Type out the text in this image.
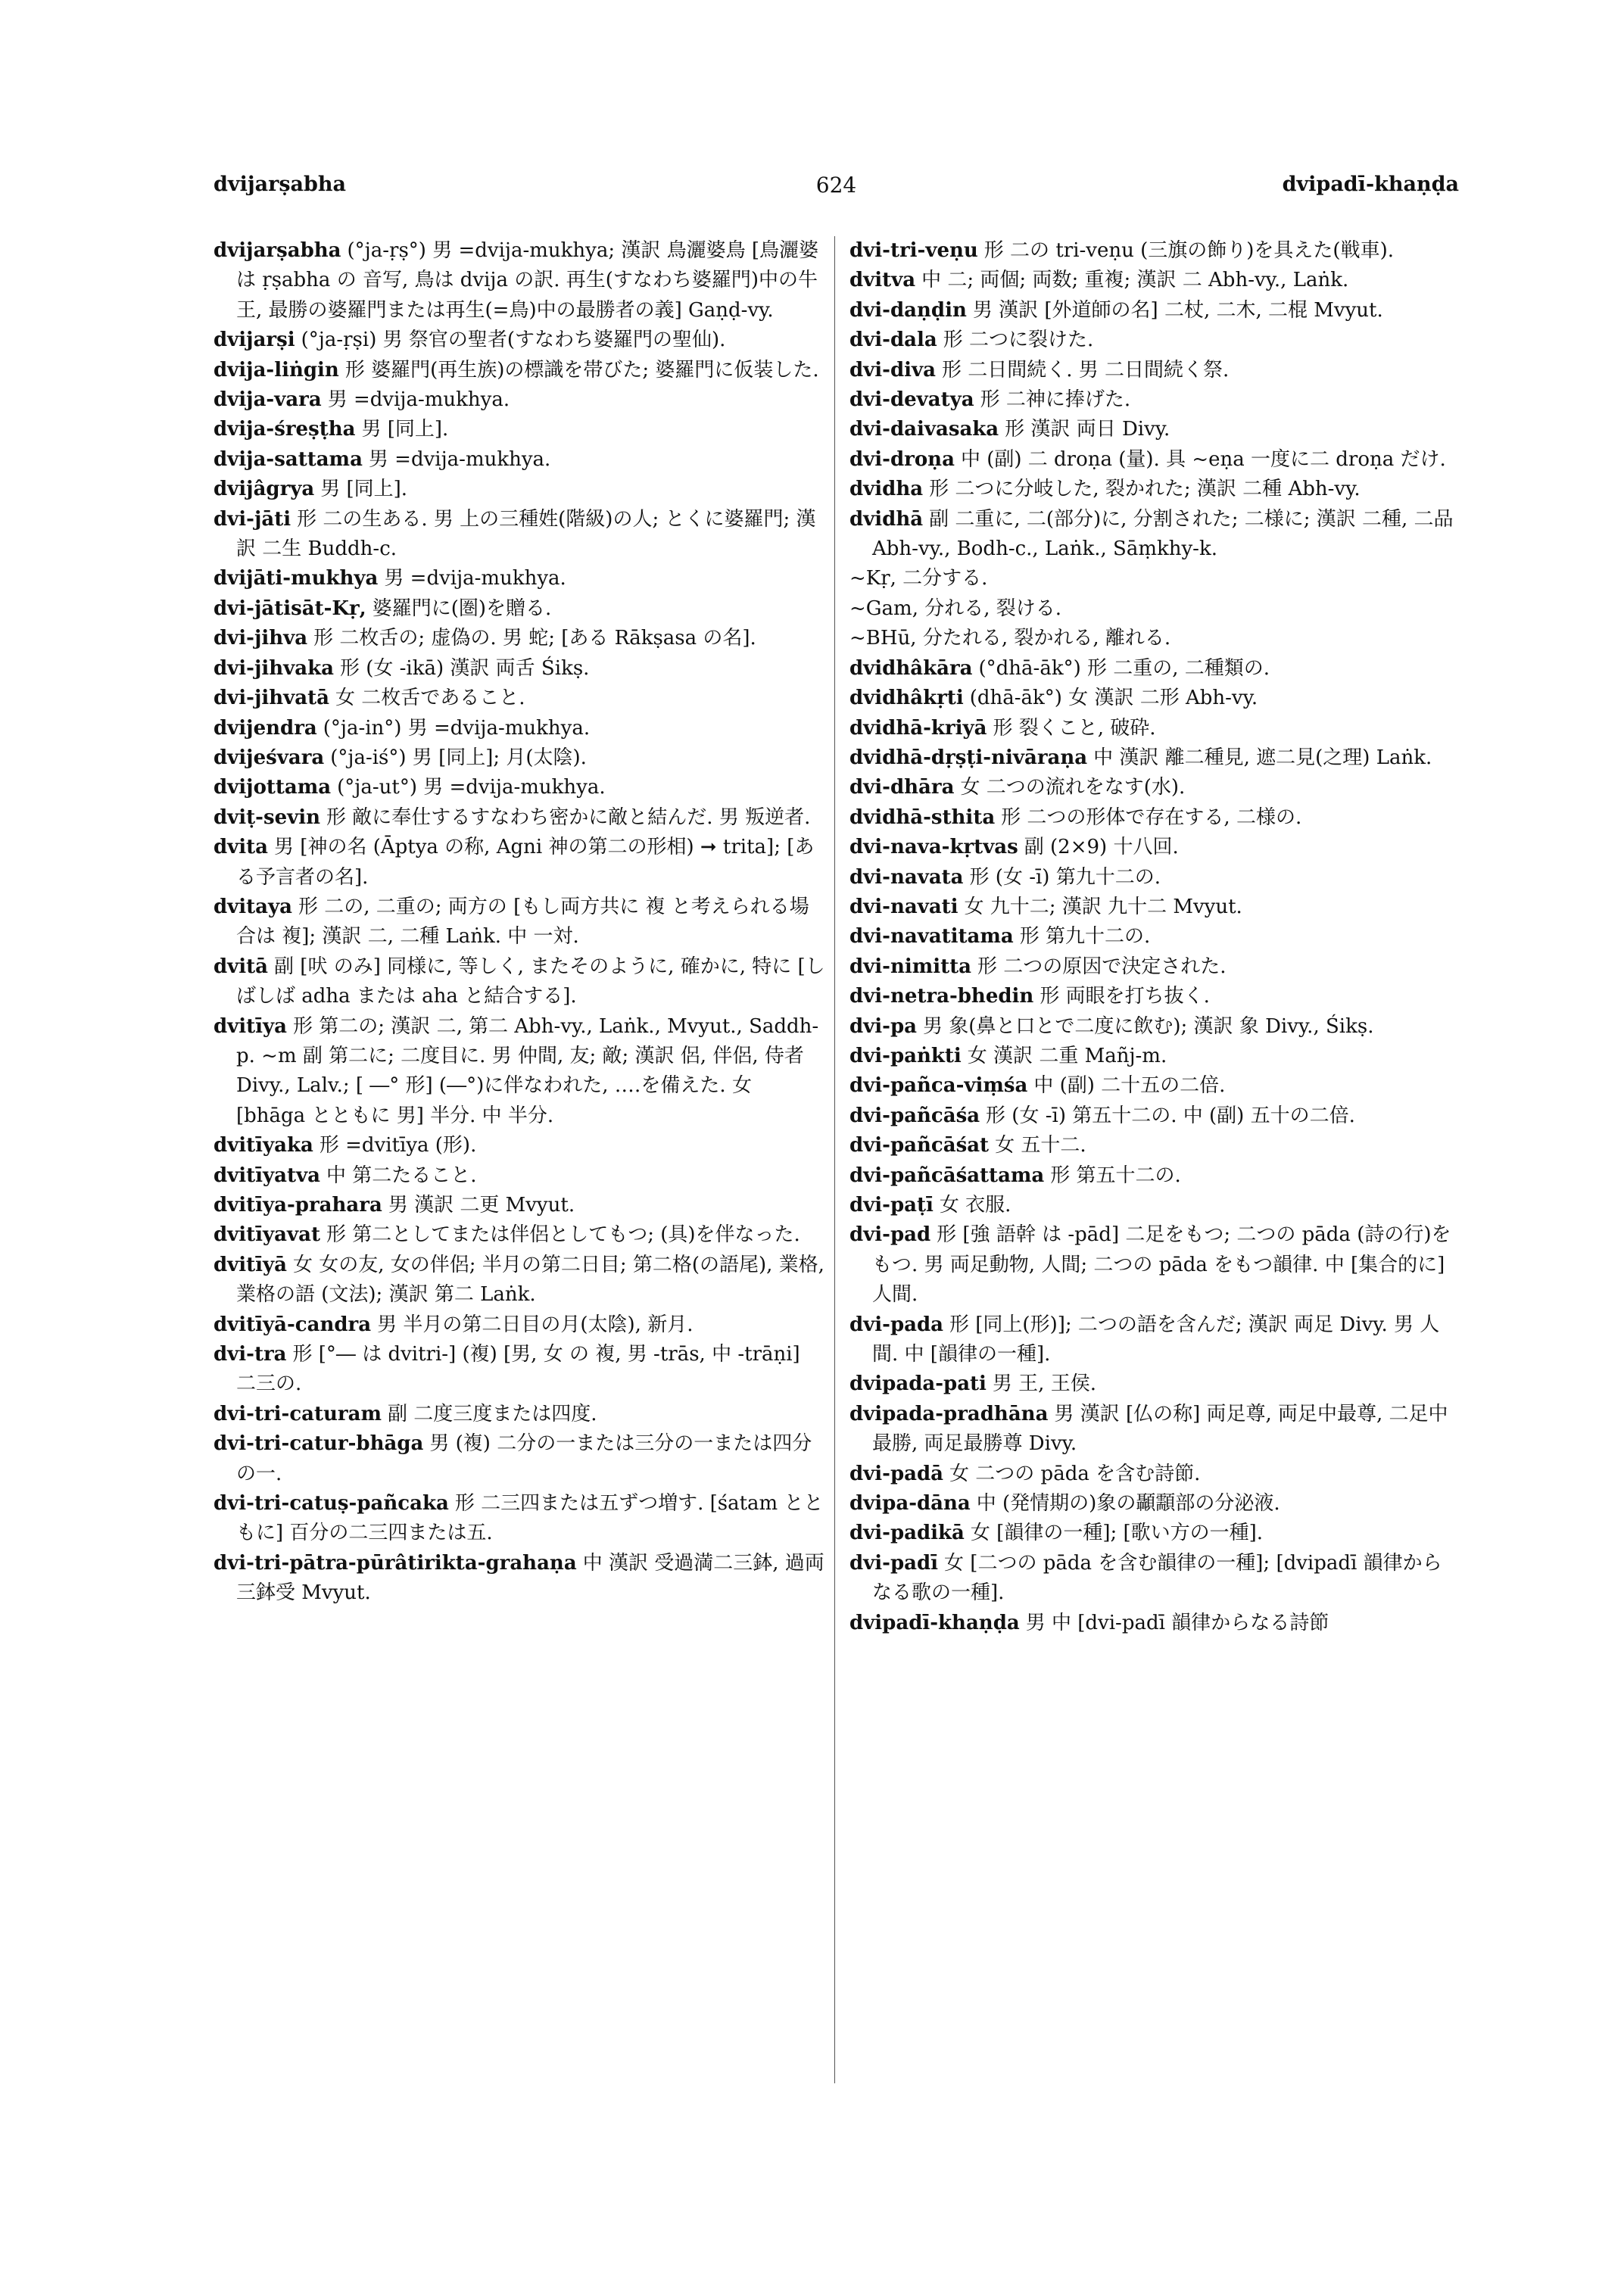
dvijarṣabha	624	dvipadī-khaṇḍa

dvijarṣabha (°ja-ṛṣ°) 男 =dvija-mukhya; 漢訳 鳥灑婆鳥 [鳥灑婆は ṛṣabha の 音写, 鳥は dvija の訳. 再生(すなわち婆羅門)中の牛王, 最勝の婆羅門または再生(=鳥)中の最勝者の義] Gaṇḍ-vy.

dvijarṣi (°ja-ṛṣi) 男 祭官の聖者(すなわち婆羅門の聖仙).

dvija-liṅgin 形 婆羅門(再生族)の標識を帯びた; 婆羅門に仮装した.

dvija-vara 男 =dvija-mukhya.

dvija-śreṣṭha 男 [同上].

dvija-sattama 男 =dvija-mukhya.

dvijâgrya 男 [同上].

dvi-jāti 形 二の生ある. 男 上の三種姓(階級)の人; とくに婆羅門; 漢訳 二生 Buddh-c.

dvijāti-mukhya 男 =dvija-mukhya.

dvi-jātisāt-Kṛ, 婆羅門に(圏)を贈る.

dvi-jihva 形 二枚舌の; 虚偽の. 男 蛇; [ある Rākṣasa の名].

dvi-jihvaka 形 (女 -ikā) 漢訳 両舌 Śikṣ.

dvi-jihvatā 女 二枚舌であること.

dvijendra (°ja-in°) 男 =dvija-mukhya.

dvijeśvara (°ja-iś°) 男 [同上]; 月(太陰).

dvijottama (°ja-ut°) 男 =dvija-mukhya.

dviṭ-sevin 形 敵に奉仕するすなわち密かに敵と結んだ. 男 叛逆者.

dvita 男 [神の名 (Āptya の称, Agni 神の第二の形相) ➞ trita]; [ある予言者の名].

dvitaya 形 二の, 二重の; 両方の [もし両方共に 複 と考えられる場合は 複]; 漢訳 二, 二種 Laṅk. 中 一対.

dvitā 副 [吠 のみ] 同様に, 等しく, またそのように, 確かに, 特に [しばしば adha または aha と結合する].

dvitīya 形 第二の; 漢訳 二, 第二 Abh-vy., Laṅk., Mvyut., Saddh-p. ~m 副 第二に; 二度目に. 男 仲間, 友; 敵; 漢訳 侶, 伴侶, 侍者 Divy., Lalv.; [ ―° 形] (―°)に伴なわれた, ‥‥を備えた. 女 [bhāga とともに 男] 半分. 中 半分.

dvitīyaka 形 =dvitīya (形).

dvitīyatva 中 第二たること.

dvitīya-prahara 男 漢訳 二更 Mvyut.

dvitīyavat 形 第二としてまたは伴侶としてもつ; (具)を伴なった.

dvitīyā 女 女の友, 女の伴侶; 半月の第二日目; 第二格(の語尾), 業格, 業格の語 (文法); 漢訳 第二 Laṅk.

dvitīyā-candra 男 半月の第二日目の月(太陰), 新月.

dvi-tra 形 [°― は dvitri-] (複) [男, 女 の 複, 男 -trās, 中 -trāṇi] 二三の.

dvi-tri-caturam 副 二度三度または四度.

dvi-tri-catur-bhāga 男 (複) 二分の一または三分の一または四分の一.

dvi-tri-catuṣ-pañcaka 形 二三四または五ずつ増す. [śatam とともに] 百分の二三四または五.

dvi-tri-pātra-pūrâtirikta-grahaṇa 中 漢訳 受過満二三鉢, 過両三鉢受 Mvyut.

dvi-tri-veṇu 形 二の tri-veṇu (三旗の飾り)を具えた(戦車).

dvitva 中 二; 両個; 両数; 重複; 漢訳 二 Abh-vy., Laṅk.

dvi-daṇḍin 男 漢訳 [外道師の名] 二杖, 二木, 二棍 Mvyut.

dvi-dala 形 二つに裂けた.

dvi-diva 形 二日間続く. 男 二日間続く祭.

dvi-devatya 形 二神に捧げた.

dvi-daivasaka 形 漢訳 両日 Divy.

dvi-droṇa 中 (副) 二 droṇa (量). 具 ~eṇa 一度に二 droṇa だけ.

dvidha 形 二つに分岐した, 裂かれた; 漢訳 二種 Abh-vy.

dvidhā 副 二重に, 二(部分)に, 分割された; 二様に; 漢訳 二種, 二品 Abh-vy., Bodh-c., Laṅk., Sāṃkhy-k.

~Kṛ, 二分する.

~Gam, 分れる, 裂ける.

~BHū, 分たれる, 裂かれる, 離れる.

dvidhâkāra (°dhā-āk°) 形 二重の, 二種類の.

dvidhâkṛti (dhā-āk°) 女 漢訳 二形 Abh-vy.

dvidhā-kriyā 形 裂くこと, 破砕.

dvidhā-dṛṣṭi-nivāraṇa 中 漢訳 離二種見, 遮二見(之理) Laṅk.

dvi-dhāra 女 二つの流れをなす(水).

dvidhā-sthita 形 二つの形体で存在する, 二様の.

dvi-nava-kṛtvas 副 (2×9) 十八回.

dvi-navata 形 (女 -ī) 第九十二の.

dvi-navati 女 九十二; 漢訳 九十二 Mvyut.

dvi-navatitama 形 第九十二の.

dvi-nimitta 形 二つの原因で決定された.

dvi-netra-bhedin 形 両眼を打ち抜く.

dvi-pa 男 象(鼻と口とで二度に飲む); 漢訳 象 Divy., Śikṣ.

dvi-paṅkti 女 漢訳 二重 Mañj-m.

dvi-pañca-viṃśa 中 (副) 二十五の二倍.

dvi-pañcāśa 形 (女 -ī) 第五十二の. 中 (副) 五十の二倍.

dvi-pañcāśat 女 五十二.

dvi-pañcāśattama 形 第五十二の.

dvi-paṭī 女 衣服.

dvi-pad 形 [強 語幹 は -pād] 二足をもつ; 二つの pāda (詩の行)をもつ. 男 両足動物, 人間; 二つの pāda をもつ韻律. 中 [集合的に] 人間.

dvi-pada 形 [同上(形)]; 二つの語を含んだ; 漢訳 両足 Divy. 男 人間. 中 [韻律の一種].

dvipada-pati 男 王, 王侯.

dvipada-pradhāna 男 漢訳 [仏の称] 両足尊, 両足中最尊, 二足中最勝, 両足最勝尊 Divy.

dvi-padā 女 二つの pāda を含む詩節.

dvipa-dāna 中 (発情期の)象の顳顬部の分泌液.

dvi-padikā 女 [韻律の一種]; [歌い方の一種].

dvi-padī 女 [二つの pāda を含む韻律の一種]; [dvipadī 韻律からなる歌の一種].

dvipadī-khaṇḍa 男 中 [dvi-padī 韻律からなる詩節
